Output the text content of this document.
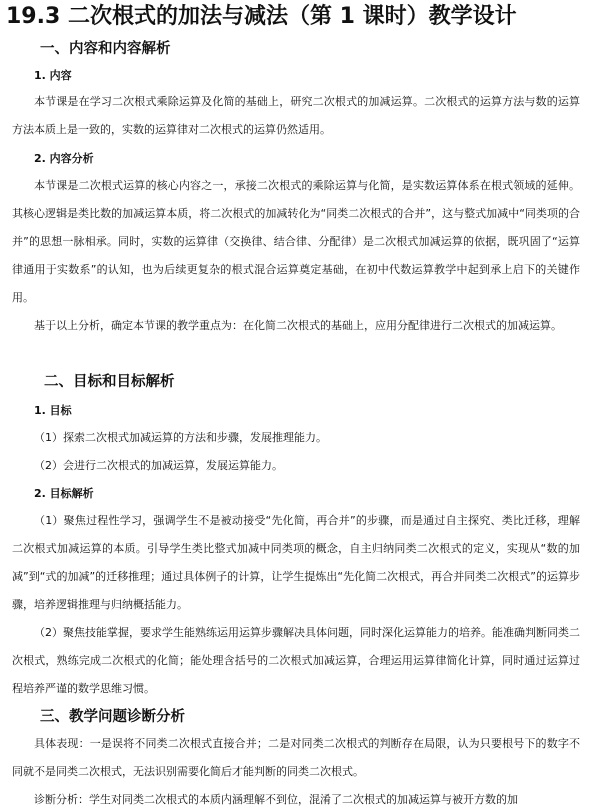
19.3 二次根式的加法与减法（第 1 课时）教学设计
一、内容和内容解析
1. 内容

本节课是在学习二次根式乘除运算及化简的基础上，研究二次根式的加减运算。二次根式的运算方法与数的运算方法本质上是一致的，实数的运算律对二次根式的运算仍然适用。

2. 内容分析

本节课是二次根式运算的核心内容之一，承接二次根式的乘除运算与化简，是实数运算体系在根式领域的延伸。其核心逻辑是类比数的加减运算本质，将二次根式的加减转化为“同类二次根式的合并”，这与整式加减中“同类项的合并”的思想一脉相承。同时，实数的运算律（交换律、结合律、分配律）是二次根式加减运算的依据，既巩固了“运算律通用于实数系”的认知，也为后续更复杂的根式混合运算奠定基础，在初中代数运算教学中起到承上启下的关键作用。

基于以上分析，确定本节课的教学重点为：在化简二次根式的基础上，应用分配律进行二次根式的加减运算。

二、目标和目标解析
1. 目标

（1）探索二次根式加减运算的方法和步骤，发展推理能力。

（2）会进行二次根式的加减运算，发展运算能力。

2. 目标解析

（1）聚焦过程性学习，强调学生不是被动接受“先化简，再合并”的步骤，而是通过自主探究、类比迁移，理解二次根式加减运算的本质。引导学生类比整式加减中同类项的概念，自主归纳同类二次根式的定义，实现从“数的加减”到“式的加减”的迁移推理；通过具体例子的计算，让学生提炼出“先化简二次根式，再合并同类二次根式”的运算步骤，培养逻辑推理与归纳概括能力。

（2）聚焦技能掌握，要求学生能熟练运用运算步骤解决具体问题，同时深化运算能力的培养。能准确判断同类二次根式，熟练完成二次根式的化简；能处理含括号的二次根式加减运算，合理运用运算律简化计算，同时通过运算过程培养严谨的数学思维习惯。

三、教学问题诊断分析

具体表现：一是误将不同类二次根式直接合并；二是对同类二次根式的判断存在局限，认为只要根号下的数字不同就不是同类二次根式，无法识别需要化简后才能判断的同类二次根式。

诊断分析：学生对同类二次根式的本质内涵理解不到位，混淆了二次根式的加减运算与被开方数的加
